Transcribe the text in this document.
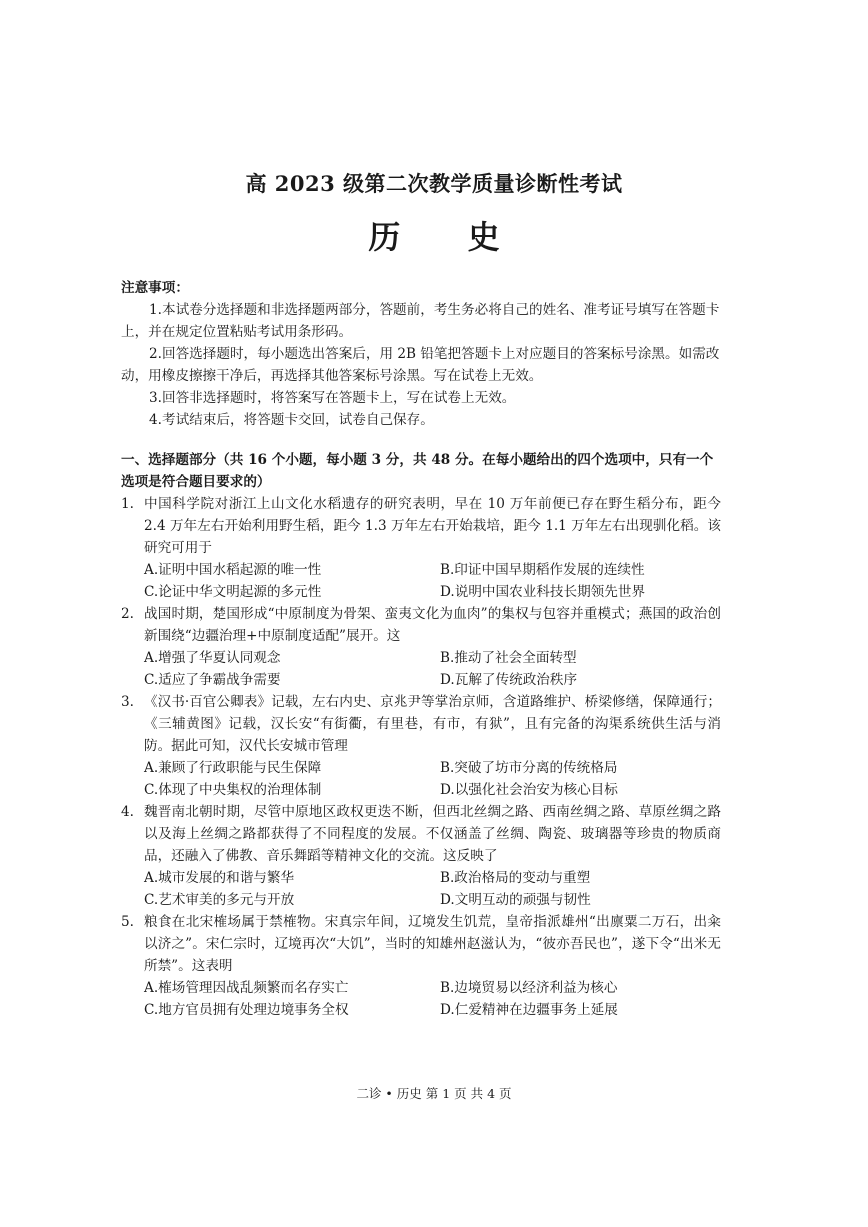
高 2023 级第二次教学质量诊断性考试
历 史
注意事项：

1.本试卷分选择题和非选择题两部分，答题前，考生务必将自己的姓名、准考证号填写在答题卡上，并在规定位置粘贴考试用条形码。

2.回答选择题时，每小题选出答案后，用 2B 铅笔把答题卡上对应题目的答案标号涂黑。如需改动，用橡皮擦擦干净后，再选择其他答案标号涂黑。写在试卷上无效。

3.回答非选择题时，将答案写在答题卡上，写在试卷上无效。

4.考试结束后，将答题卡交回，试卷自己保存。

一、选择题部分（共 16 个小题，每小题 3 分，共 48 分。在每小题给出的四个选项中，只有一个选项是符合题目要求的）

1. 中国科学院对浙江上山文化水稻遗存的研究表明，早在 10 万年前便已存在野生稻分布，距今 2.4 万年左右开始利用野生稻，距今 1.3 万年左右开始栽培，距今 1.1 万年左右出现驯化稻。该研究可用于
A.证明中国水稻起源的唯一性	B.印证中国早期稻作发展的连续性
C.论证中华文明起源的多元性	D.说明中国农业科技长期领先世界
2. 战国时期，楚国形成“中原制度为骨架、蛮夷文化为血肉”的集权与包容并重模式；燕国的政治创新围绕“边疆治理+中原制度适配”展开。这
A.增强了华夏认同观念	B.推动了社会全面转型
C.适应了争霸战争需要	D.瓦解了传统政治秩序
3. 《汉书·百官公卿表》记载，左右内史、京兆尹等掌治京师，含道路维护、桥梁修缮，保障通行；《三辅黄图》记载，汉长安“有街衢，有里巷，有市，有狱”，且有完备的沟渠系统供生活与消防。据此可知，汉代长安城市管理
A.兼顾了行政职能与民生保障	B.突破了坊市分离的传统格局
C.体现了中央集权的治理体制	D.以强化社会治安为核心目标
4. 魏晋南北朝时期，尽管中原地区政权更迭不断，但西北丝绸之路、西南丝绸之路、草原丝绸之路以及海上丝绸之路都获得了不同程度的发展。不仅涵盖了丝绸、陶瓷、玻璃器等珍贵的物质商品，还融入了佛教、音乐舞蹈等精神文化的交流。这反映了
A.城市发展的和谐与繁华	B.政治格局的变动与重塑
C.艺术审美的多元与开放	D.文明互动的顽强与韧性
5. 粮食在北宋榷场属于禁榷物。宋真宗年间，辽境发生饥荒，皇帝指派雄州“出廪粟二万石，出籴以济之”。宋仁宗时，辽境再次“大饥”，当时的知雄州赵滋认为，“彼亦吾民也”，遂下令“出米无所禁”。这表明
A.榷场管理因战乱频繁而名存实亡	B.边境贸易以经济利益为核心
C.地方官员拥有处理边境事务全权	D.仁爱精神在边疆事务上延展
二诊 • 历史 第 1 页 共 4 页
